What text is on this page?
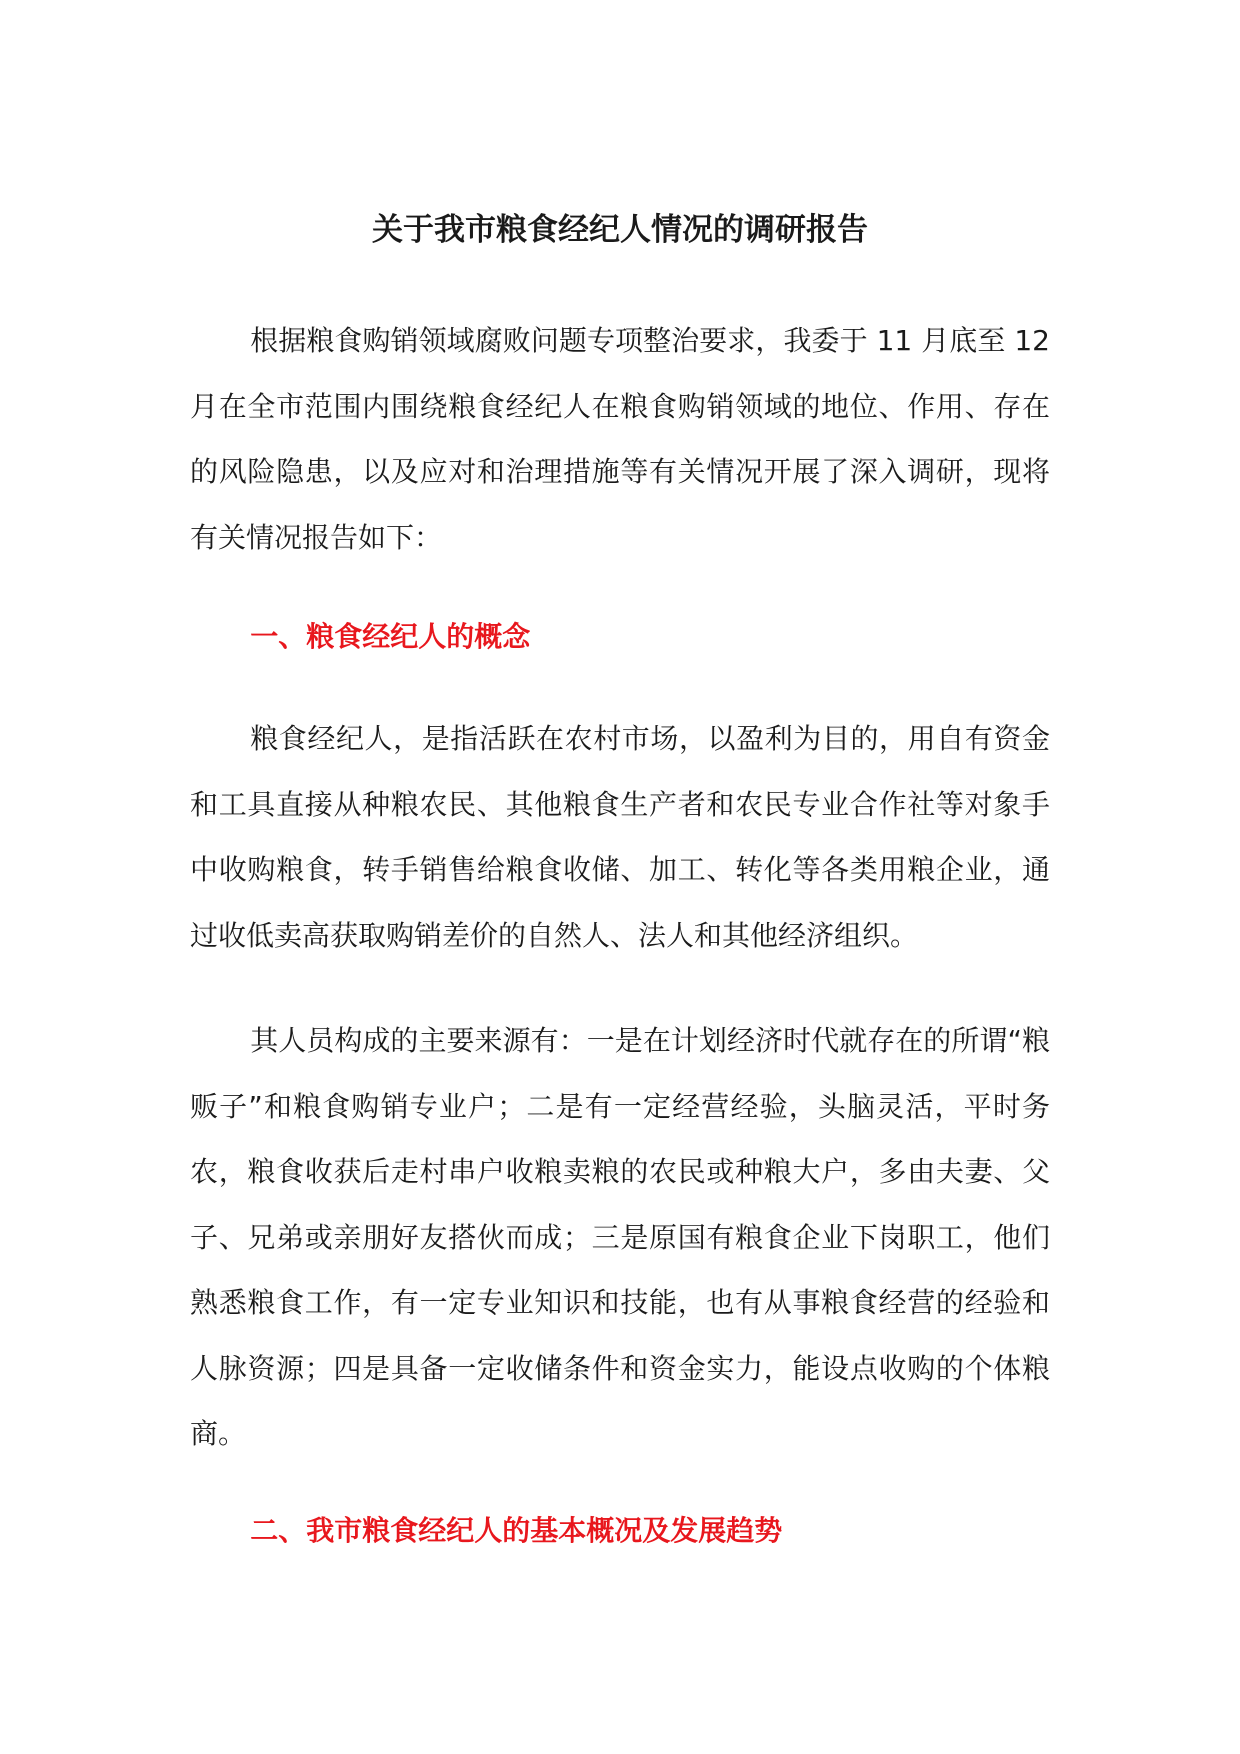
关于我市粮食经纪人情况的调研报告

根据粮食购销领域腐败问题专项整治要求，我委于 11 月底至 12 月在全市范围内围绕粮食经纪人在粮食购销领域的地位、作用、存在的风险隐患，以及应对和治理措施等有关情况开展了深入调研，现将有关情况报告如下：

一、粮食经纪人的概念

粮食经纪人，是指活跃在农村市场，以盈利为目的，用自有资金和工具直接从种粮农民、其他粮食生产者和农民专业合作社等对象手中收购粮食，转手销售给粮食收储、加工、转化等各类用粮企业，通过收低卖高获取购销差价的自然人、法人和其他经济组织。

其人员构成的主要来源有：一是在计划经济时代就存在的所谓“粮贩子”和粮食购销专业户；二是有一定经营经验，头脑灵活，平时务农，粮食收获后走村串户收粮卖粮的农民或种粮大户，多由夫妻、父子、兄弟或亲朋好友搭伙而成；三是原国有粮食企业下岗职工，他们熟悉粮食工作，有一定专业知识和技能，也有从事粮食经营的经验和人脉资源；四是具备一定收储条件和资金实力，能设点收购的个体粮商。

二、我市粮食经纪人的基本概况及发展趋势
